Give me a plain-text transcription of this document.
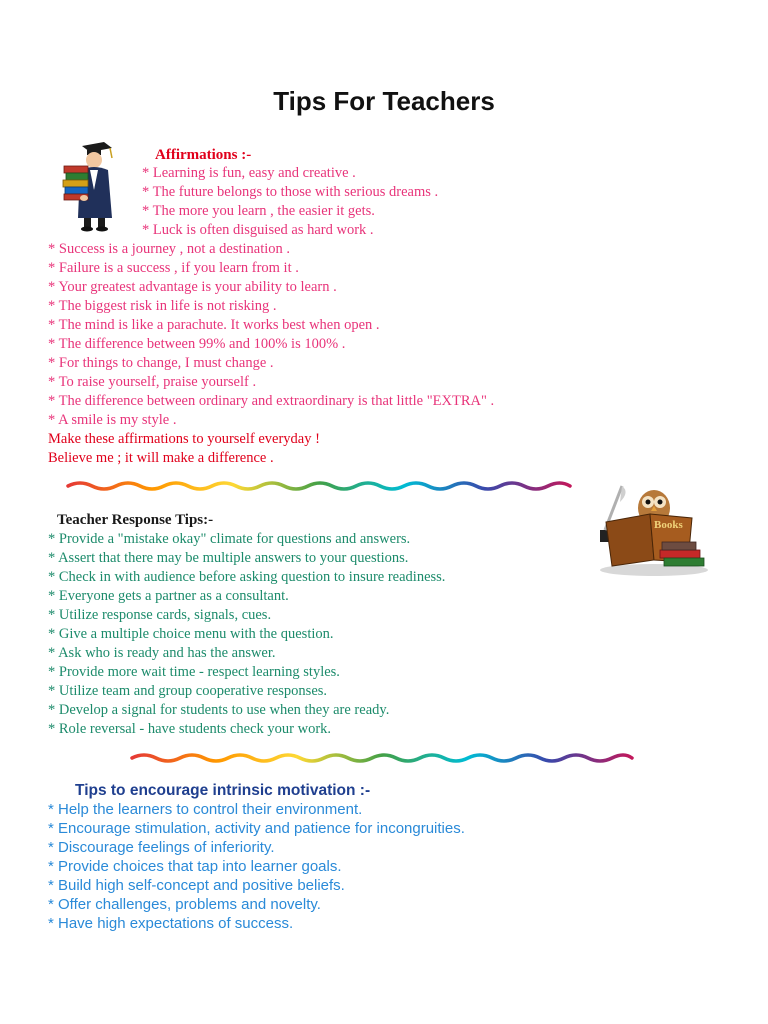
Tips For Teachers
Affirmations :-
* Learning is fun, easy and creative .
* The future belongs to those with serious dreams .
* The more you learn , the easier it gets.
* Luck is often disguised as hard work .
* Success is a journey , not a destination .
* Failure is a success , if you learn from it .
* Your greatest advantage is your ability to learn .
* The biggest risk in life is not risking .
* The mind is like a parachute. It works best when open .
* The difference between 99% and 100% is 100% .
* For things to change, I must change .
* To raise yourself, praise yourself .
* The difference between ordinary and extraordinary is that little "EXTRA" .
* A smile is my style .
Make these affirmations to yourself everyday !
Believe me ; it will make a difference .
Books
Teacher Response Tips:-
* Provide a "mistake okay" climate for questions and answers.
* Assert that there may be multiple answers to your questions.
* Check in with audience before asking question to insure readiness.
* Everyone gets a partner as a consultant.
* Utilize response cards, signals, cues.
* Give a multiple choice menu with the question.
* Ask who is ready and has the answer.
* Provide more wait time - respect learning styles.
* Utilize team and group cooperative responses.
* Develop a signal for students to use when they are ready.
* Role reversal - have students check your work.
Tips to encourage intrinsic motivation :-
* Help the learners to control their environment.
* Encourage stimulation, activity and patience for incongruities.
* Discourage feelings of inferiority.
* Provide choices that tap into learner goals.
* Build high self-concept and positive beliefs.
* Offer challenges, problems and novelty.
* Have high expectations of success.
